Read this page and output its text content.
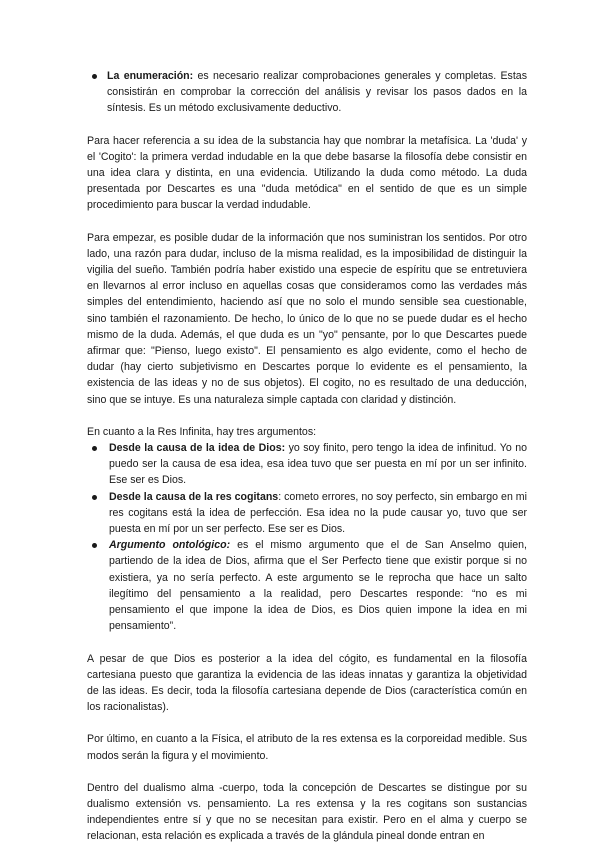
La enumeración: es necesario realizar comprobaciones generales y completas. Estas consistirán en comprobar la corrección del análisis y revisar los pasos dados en la síntesis. Es un método exclusivamente deductivo.

Para hacer referencia a su idea de la substancia hay que nombrar la metafísica. La 'duda' y el 'Cogito': la primera verdad indudable en la que debe basarse la filosofía debe consistir en una idea clara y distinta, en una evidencia. Utilizando la duda como método. La duda presentada por Descartes es una "duda metódica" en el sentido de que es un simple procedimiento para buscar la verdad indudable.

Para empezar, es posible dudar de la información que nos suministran los sentidos. Por otro lado, una razón para dudar, incluso de la misma realidad, es la imposibilidad de distinguir la vigilia del sueño. También podría haber existido una especie de espíritu que se entretuviera en llevarnos al error incluso en aquellas cosas que consideramos como las verdades más simples del entendimiento, haciendo así que no solo el mundo sensible sea cuestionable, sino también el razonamiento. De hecho, lo único de lo que no se puede dudar es el hecho mismo de la duda. Además, el que duda es un "yo" pensante, por lo que Descartes puede afirmar que: "Pienso, luego existo". El pensamiento es algo evidente, como el hecho de dudar (hay cierto subjetivismo en Descartes porque lo evidente es el pensamiento, la existencia de las ideas y no de sus objetos). El cogito, no es resultado de una deducción, sino que se intuye. Es una naturaleza simple captada con claridad y distinción.

En cuanto a la Res Infinita, hay tres argumentos:

Desde la causa de la idea de Dios: yo soy finito, pero tengo la idea de infinitud. Yo no puedo ser la causa de esa idea, esa idea tuvo que ser puesta en mí por un ser infinito. Ese ser es Dios.
Desde la causa de la res cogitans: cometo errores, no soy perfecto, sin embargo en mi res cogitans está la idea de perfección. Esa idea no la pude causar yo, tuvo que ser puesta en mí por un ser perfecto. Ese ser es Dios.
Argumento ontológico: es el mismo argumento que el de San Anselmo quien, partiendo de la idea de Dios, afirma que el Ser Perfecto tiene que existir porque si no existiera, ya no sería perfecto. A este argumento se le reprocha que hace un salto ilegítimo del pensamiento a la realidad, pero Descartes responde: “no es mi pensamiento el que impone la idea de Dios, es Dios quien impone la idea en mi pensamiento”.

A pesar de que Dios es posterior a la idea del cógito, es fundamental en la filosofía cartesiana puesto que garantiza la evidencia de las ideas innatas y garantiza la objetividad de las ideas. Es decir, toda la filosofía cartesiana depende de Dios (característica común en los racionalistas).

Por último, en cuanto a la Física, el atributo de la res extensa es la corporeidad medible. Sus modos serán la figura y el movimiento.

Dentro del dualismo alma -cuerpo, toda la concepción de Descartes se distingue por su dualismo extensión vs. pensamiento. La res extensa y la res cogitans son sustancias independientes entre sí y que no se necesitan para existir. Pero en el alma y cuerpo se relacionan, esta relación es explicada a través de la glándula pineal donde entran en
